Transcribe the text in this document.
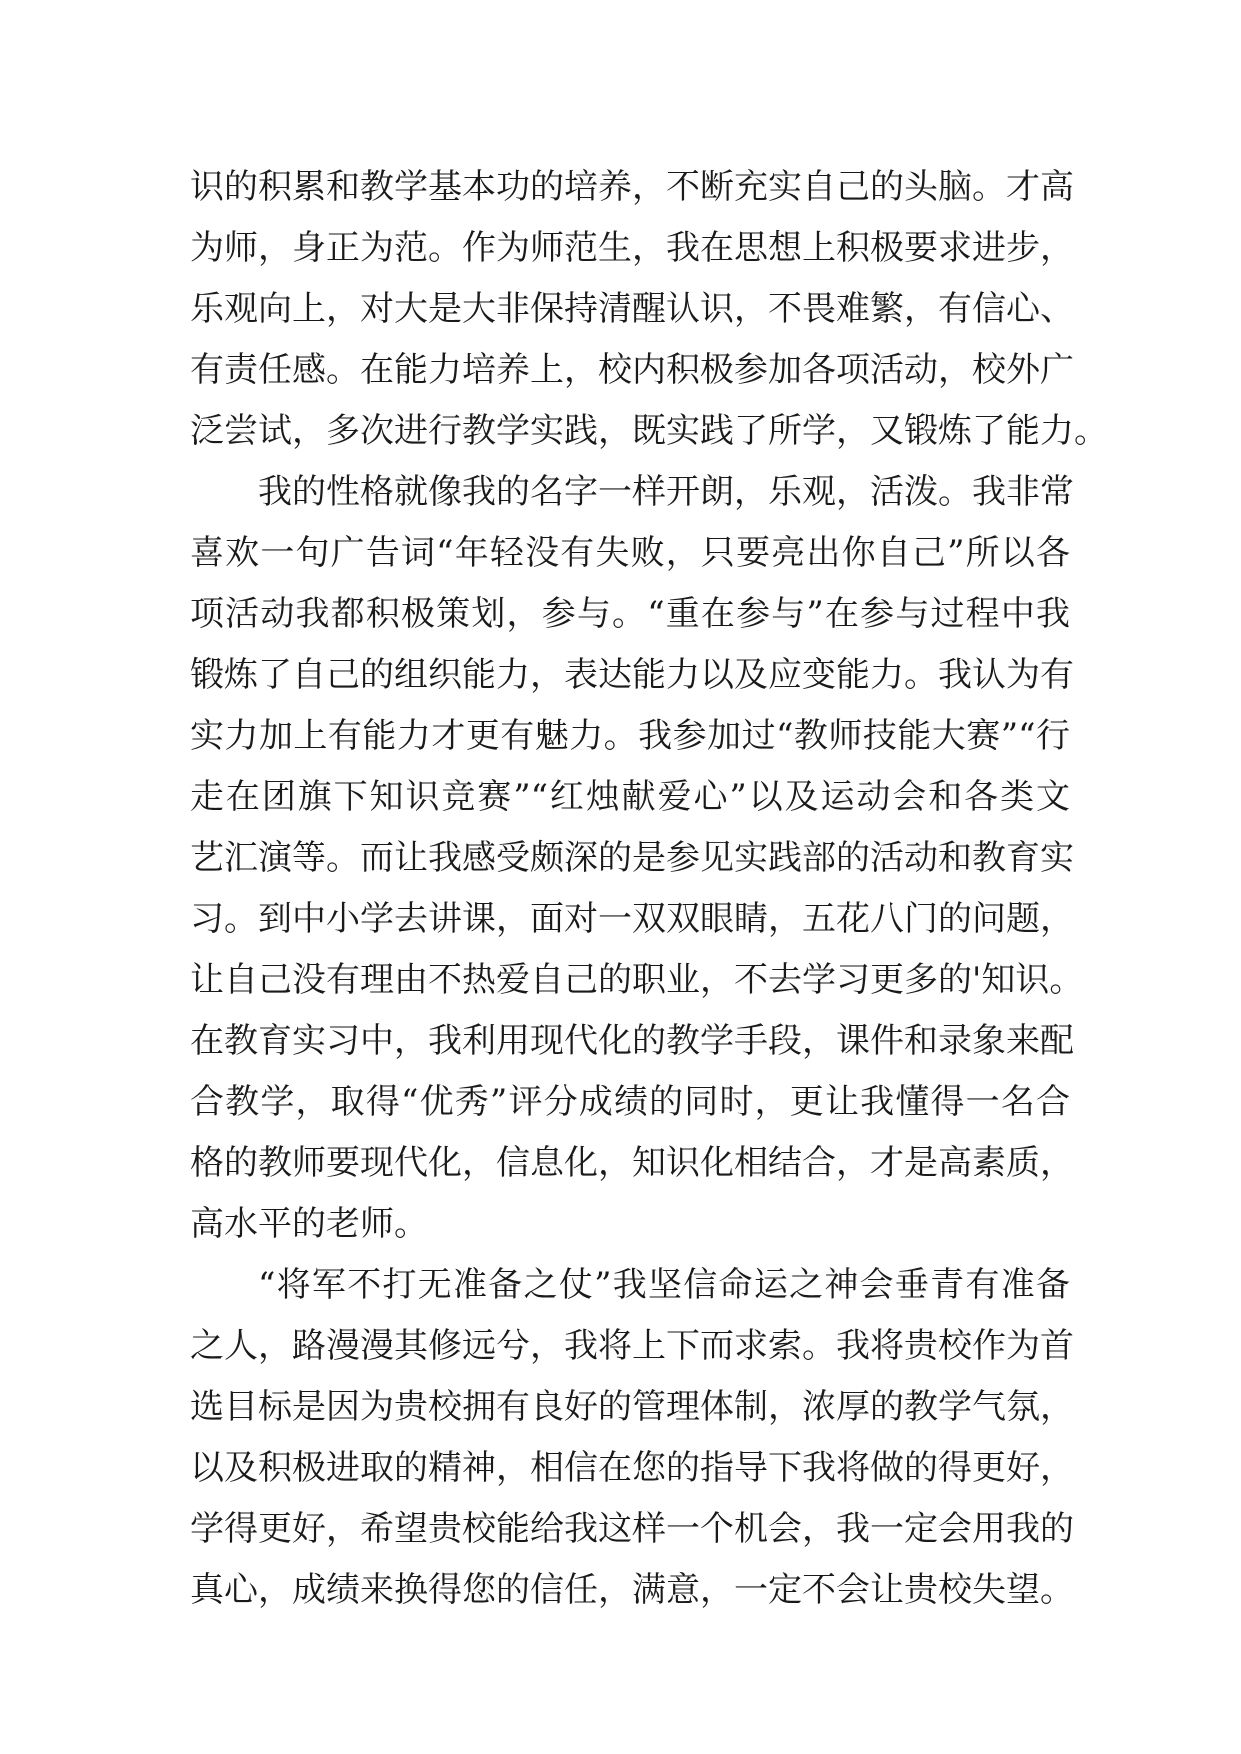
识的积累和教学基本功的培养，不断充实自己的头脑。才高
为师，身正为范。作为师范生，我在思想上积极要求进步，
乐观向上，对大是大非保持清醒认识，不畏难繁，有信心、
有责任感。在能力培养上，校内积极参加各项活动，校外广
泛尝试，多次进行教学实践，既实践了所学，又锻炼了能力。
我的性格就像我的名字一样开朗，乐观，活泼。我非常
喜欢一句广告词“年轻没有失败，只要亮出你自己”所以各
项活动我都积极策划，参与。“重在参与”在参与过程中我
锻炼了自己的组织能力，表达能力以及应变能力。我认为有
实力加上有能力才更有魅力。我参加过“教师技能大赛”“行
走在团旗下知识竞赛”“红烛献爱心”以及运动会和各类文
艺汇演等。而让我感受颇深的是参见实践部的活动和教育实
习。到中小学去讲课，面对一双双眼睛，五花八门的问题，
让自己没有理由不热爱自己的职业，不去学习更多的'知识。
在教育实习中，我利用现代化的教学手段，课件和录象来配
合教学，取得“优秀”评分成绩的同时，更让我懂得一名合
格的教师要现代化，信息化，知识化相结合，才是高素质，
高水平的老师。
“将军不打无准备之仗”我坚信命运之神会垂青有准备
之人，路漫漫其修远兮，我将上下而求索。我将贵校作为首
选目标是因为贵校拥有良好的管理体制，浓厚的教学气氛，
以及积极进取的精神，相信在您的指导下我将做的得更好，
学得更好，希望贵校能给我这样一个机会，我一定会用我的
真心，成绩来换得您的信任，满意，一定不会让贵校失望。
